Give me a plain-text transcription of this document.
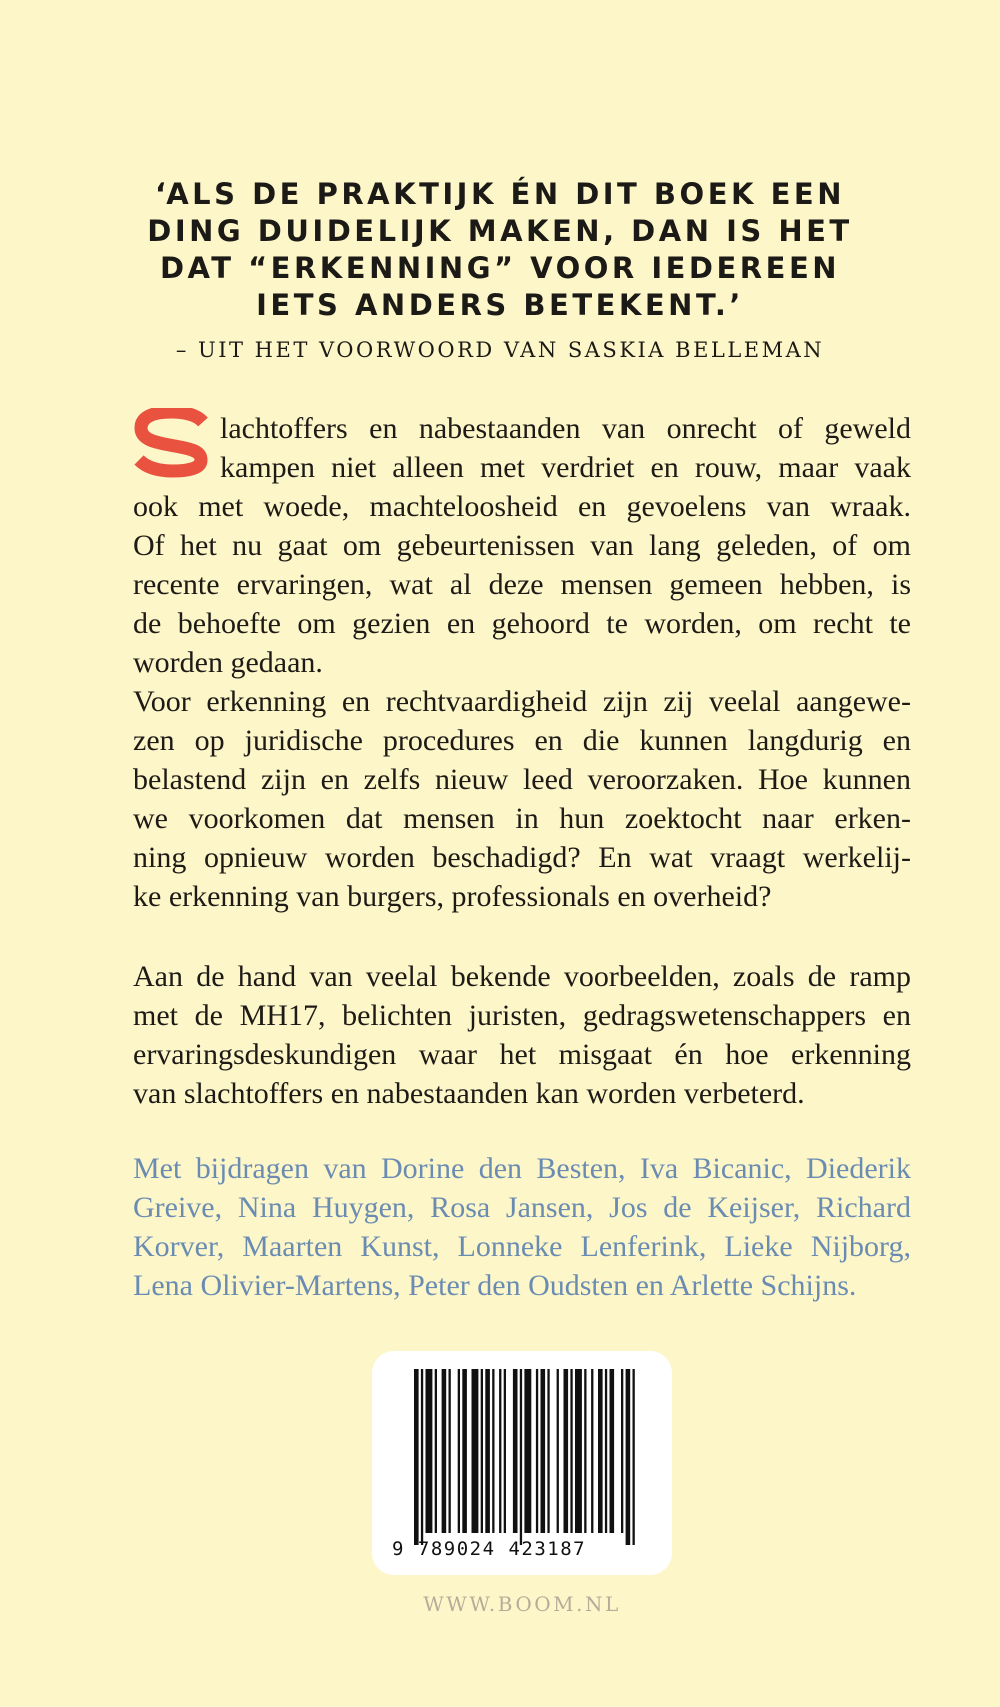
‘ALS DE PRAKTIJK ÉN DIT BOEK EEN
DING DUIDELIJK MAKEN, DAN IS HET
DAT “ERKENNING” VOOR IEDEREEN
IETS ANDERS BETEKENT.’
– UIT HET VOORWOORD VAN SASKIA BELLEMAN
lachtoffers en nabestaanden van onrecht of geweld
kampen niet alleen met verdriet en rouw, maar vaak
ook met woede, machteloosheid en gevoelens van wraak.
Of het nu gaat om gebeurtenissen van lang geleden, of om
recente ervaringen, wat al deze mensen gemeen hebben, is
de behoefte om gezien en gehoord te worden, om recht te
worden gedaan.
Voor erkenning en rechtvaardigheid zijn zij veelal aangewe-
zen op juridische procedures en die kunnen langdurig en
belastend zijn en zelfs nieuw leed veroorzaken. Hoe kunnen
we voorkomen dat mensen in hun zoektocht naar erken-
ning opnieuw worden beschadigd? En wat vraagt werkelij-
ke erkenning van burgers, professionals en overheid?
Aan de hand van veelal bekende voorbeelden, zoals de ramp
met de MH17, belichten juristen, gedragswetenschappers en
ervaringsdeskundigen waar het misgaat én hoe erkenning
van slachtoffers en nabestaanden kan worden verbeterd.
Met bijdragen van Dorine den Besten, Iva Bicanic, Diederik
Greive, Nina Huygen, Rosa Jansen, Jos de Keijser, Richard
Korver, Maarten Kunst, Lonneke Lenferink, Lieke Nijborg,
Lena Olivier-Martens, Peter den Oudsten en Arlette Schijns.
9 789024 423187
WWW.BOOM.NL
